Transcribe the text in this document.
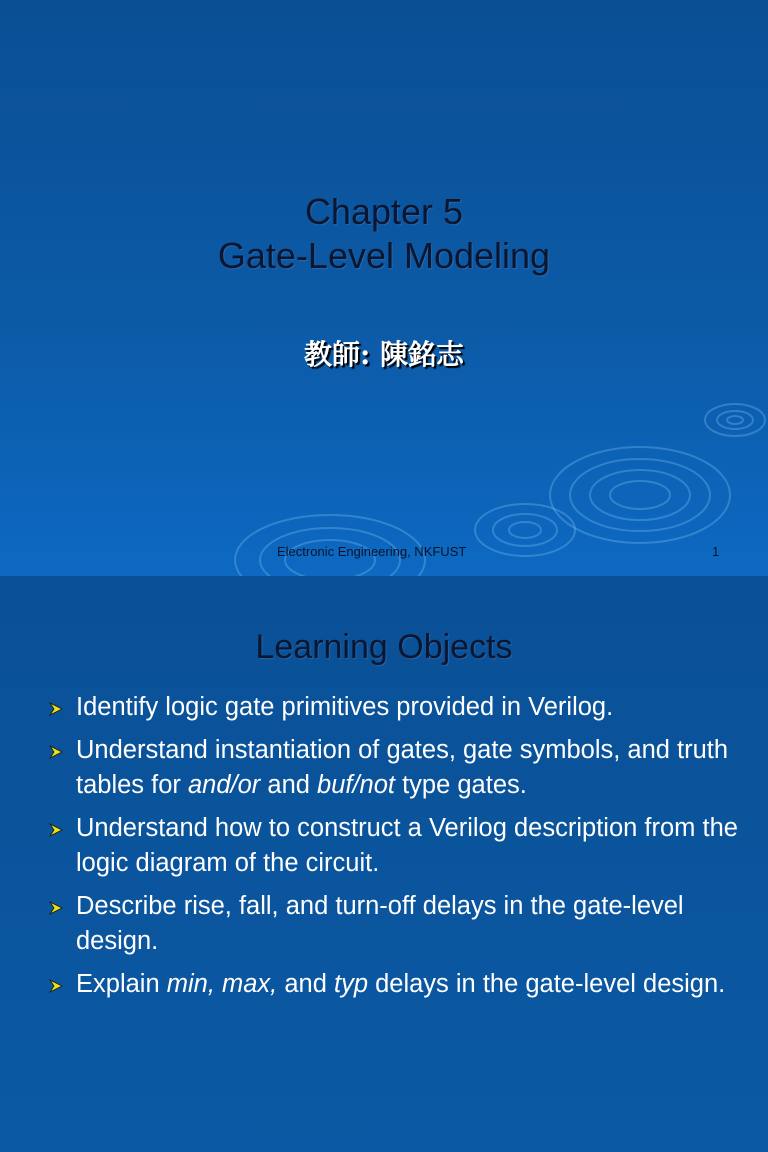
Chapter 5
Gate-Level Modeling
教師: 陳銘志
Electronic Engineering, NKFUST	1
Learning Objects
Identify logic gate primitives provided in Verilog.
Understand instantiation of gates, gate symbols, and truth tables for and/or and buf/not type gates.
Understand how to construct a Verilog description from the logic diagram of the circuit.
Describe rise, fall, and turn-off delays in the gate-level design.
Explain min, max, and typ delays in the gate-level design.
